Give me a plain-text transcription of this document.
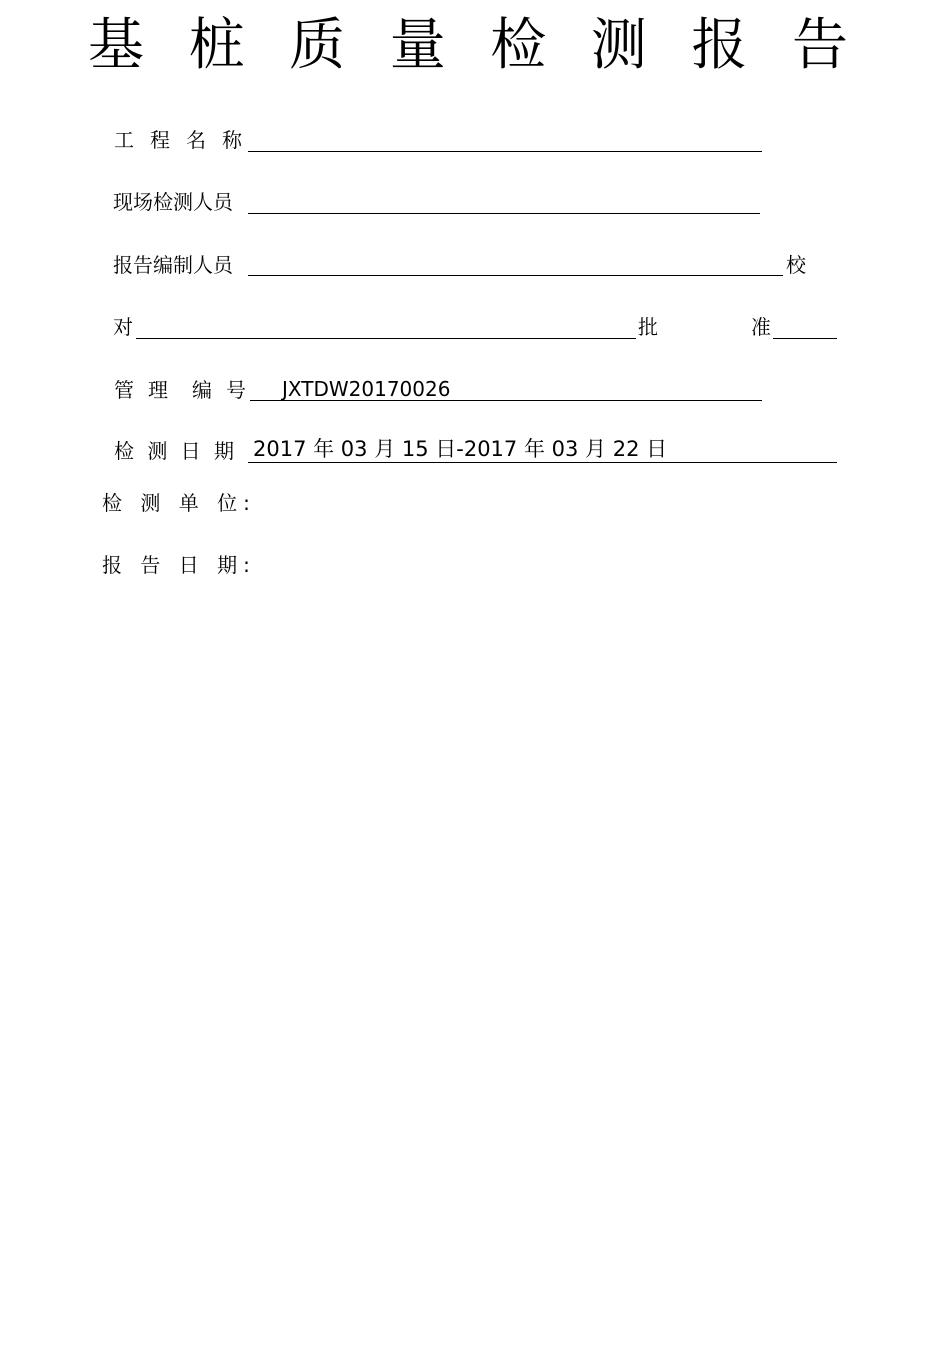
基 桩 质 量 检 测 报 告
工 程 名 称
现场检测人员
报告编制人员	校
对	批	准
管 理 编 号 JXTDW20170026
检 测 日 期 2017 年 03 月 15 日-2017 年 03 月 22 日
检 测 单 位:
报 告 日 期:
